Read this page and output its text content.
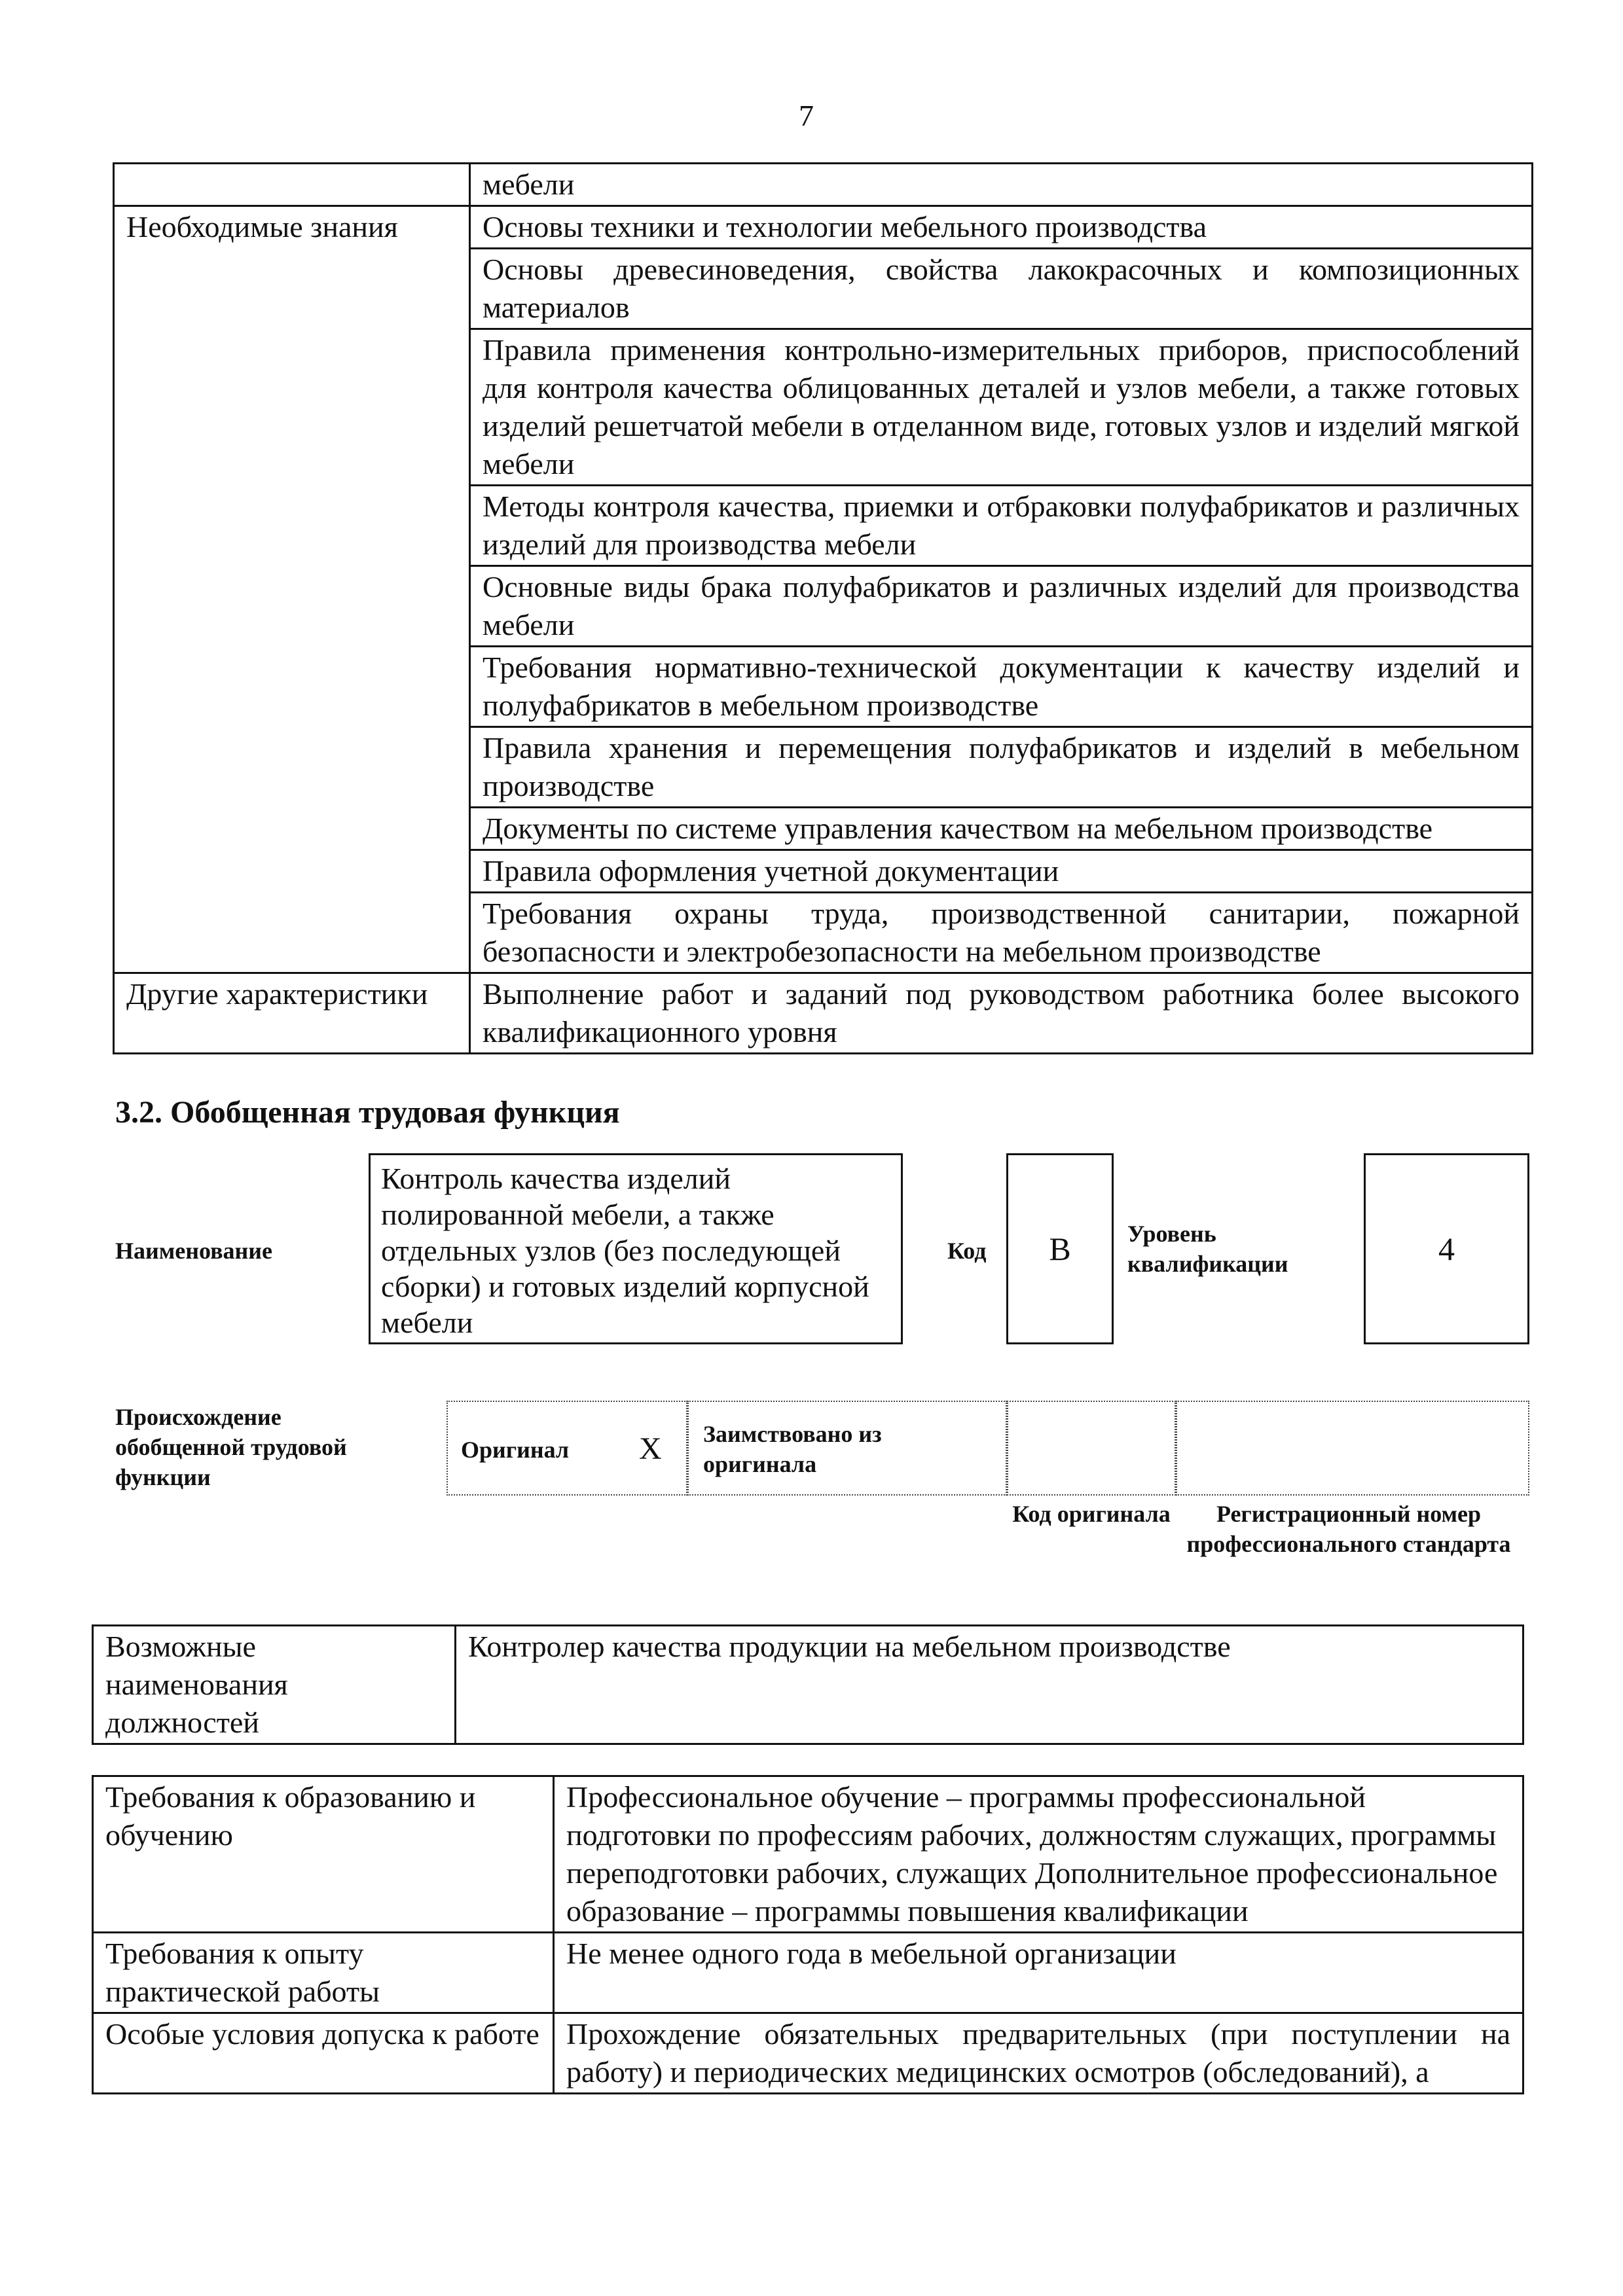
7
	мебели
Необходимые знания	Основы техники и технологии мебельного производства
	Основы древесиноведения, свойства лакокрасочных и композиционных материалов
	Правила применения контрольно-измерительных приборов, приспособлений для контроля качества облицованных деталей и узлов мебели, а также готовых изделий решетчатой мебели в отделанном виде, готовых узлов и изделий мягкой мебели
	Методы контроля качества, приемки и отбраковки полуфабрикатов и различных изделий для производства мебели
	Основные виды брака полуфабрикатов и различных изделий для производства мебели
	Требования нормативно-технической документации к качеству изделий и полуфабрикатов в мебельном производстве
	Правила хранения и перемещения полуфабрикатов и изделий в мебельном производстве
	Документы по системе управления качеством на мебельном производстве
	Правила оформления учетной документации
	Требования охраны труда, производственной санитарии, пожарной безопасности и электробезопасности на мебельном производстве
Другие характеристики	Выполнение работ и заданий под руководством работника более высокого квалификационного уровня
3.2. Обобщенная трудовая функция
Наименование
Контроль качества изделий полированной мебели, а также отдельных узлов (без последующей сборки) и готовых изделий корпусной мебели
Код	В	Уровень квалификации	4
Происхождение обобщенной трудовой функции
Оригинал X Заимствовано из оригинала
Код оригинала	Регистрационный номер профессионального стандарта
Возможные наименования должностей	Контролер качества продукции на мебельном производстве
Требования к образованию и обучению	Профессиональное обучение – программы профессиональной подготовки по профессиям рабочих, должностям служащих, программы переподготовки рабочих, служащих Дополнительное профессиональное образование – программы повышения квалификации
Требования к опыту практической работы	Не менее одного года в мебельной организации
Особые условия допуска к работе	Прохождение обязательных предварительных (при поступлении на работу) и периодических медицинских осмотров (обследований), а
